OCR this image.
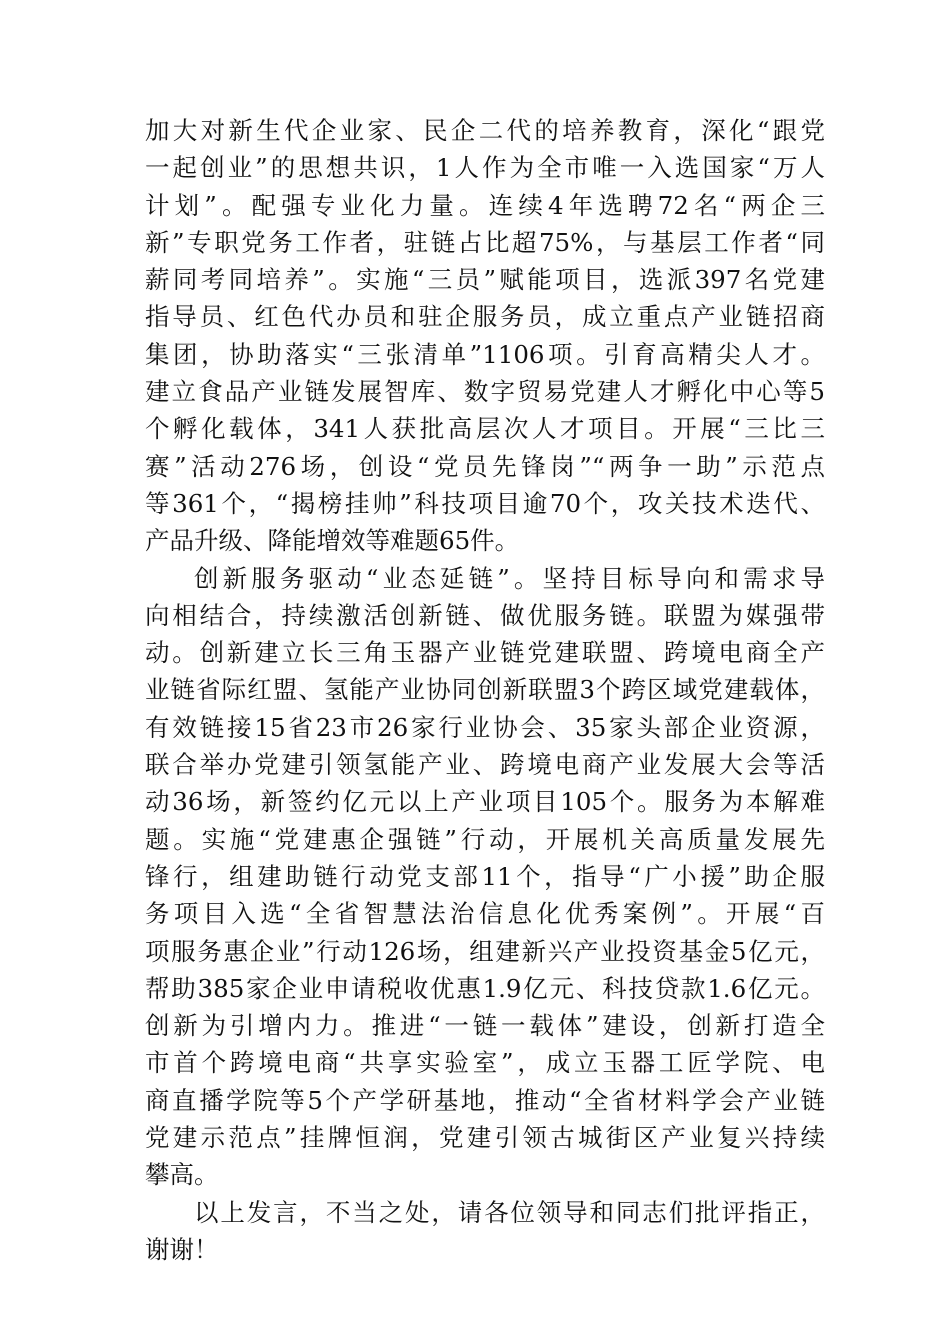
加大对新生代企业家、民企二代的培养教育，深化“跟党
一起创业”的思想共识，1人作为全市唯一入选国家“万人
计划”。配强专业化力量。连续4年选聘72名“两企三
新”专职党务工作者，驻链占比超75%，与基层工作者“同
薪同考同培养”。实施“三员”赋能项目，选派397名党建
指导员、红色代办员和驻企服务员，成立重点产业链招商
集团，协助落实“三张清单”1106项。引育高精尖人才。
建立食品产业链发展智库、数字贸易党建人才孵化中心等5
个孵化载体，341人获批高层次人才项目。开展“三比三
赛”活动276场，创设“党员先锋岗”“两争一助”示范点
等361个，“揭榜挂帅”科技项目逾70个，攻关技术迭代、
产品升级、降能增效等难题65件。
创新服务驱动“业态延链”。坚持目标导向和需求导
向相结合，持续激活创新链、做优服务链。联盟为媒强带
动。创新建立长三角玉器产业链党建联盟、跨境电商全产
业链省际红盟、氢能产业协同创新联盟3个跨区域党建载体，
有效链接15省23市26家行业协会、35家头部企业资源，
联合举办党建引领氢能产业、跨境电商产业发展大会等活
动36场，新签约亿元以上产业项目105个。服务为本解难
题。实施“党建惠企强链”行动，开展机关高质量发展先
锋行，组建助链行动党支部11个，指导“广小援”助企服
务项目入选“全省智慧法治信息化优秀案例”。开展“百
项服务惠企业”行动126场，组建新兴产业投资基金5亿元，
帮助385家企业申请税收优惠1.9亿元、科技贷款1.6亿元。
创新为引增内力。推进“一链一载体”建设，创新打造全
市首个跨境电商“共享实验室”，成立玉器工匠学院、电
商直播学院等5个产学研基地，推动“全省材料学会产业链
党建示范点”挂牌恒润，党建引领古城街区产业复兴持续
攀高。
以上发言，不当之处，请各位领导和同志们批评指正，
谢谢！
